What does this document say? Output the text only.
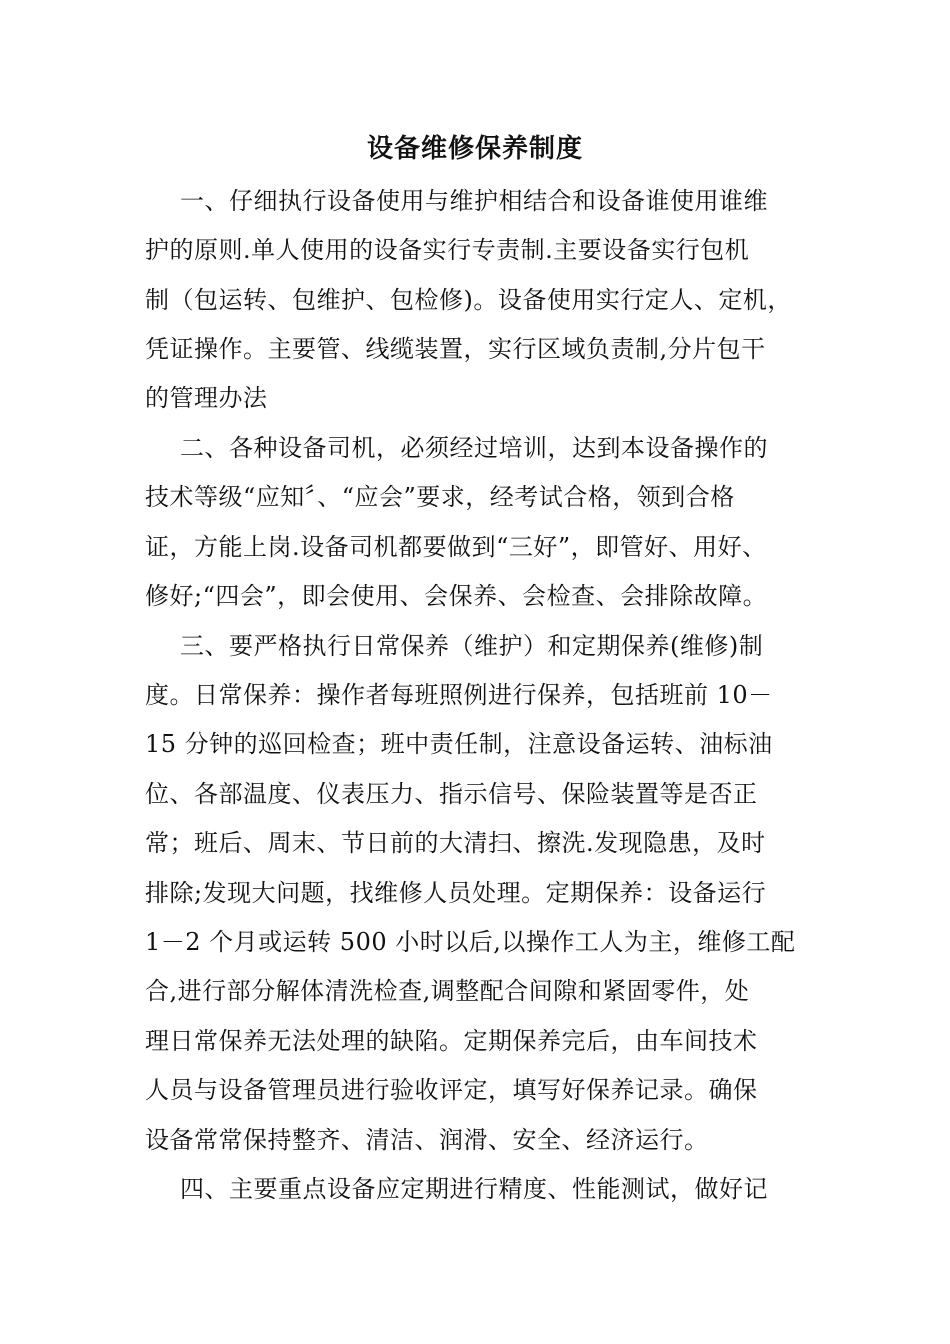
设备维修保养制度
一、仔细执行设备使用与维护相结合和设备谁使用谁维
护的原则.单人使用的设备实行专责制.主要设备实行包机
制（包运转、包维护、包检修)。设备使用实行定人、定机，
凭证操作。主要管、线缆装置，实行区域负责制,分片包干
的管理办法
二、各种设备司机，必须经过培训，达到本设备操作的
技术等级“应知〞、“应会”要求，经考试合格，领到合格
证，方能上岗.设备司机都要做到“三好”，即管好、用好、
修好;“四会”，即会使用、会保养、会检查、会排除故障。
三、要严格执行日常保养（维护）和定期保养(维修)制
度。日常保养：操作者每班照例进行保养，包括班前 10－
15 分钟的巡回检查；班中责任制，注意设备运转、油标油
位、各部温度、仪表压力、指示信号、保险装置等是否正
常；班后、周末、节日前的大清扫、擦洗.发现隐患，及时
排除;发现大问题，找维修人员处理。定期保养：设备运行
1－2 个月或运转 500 小时以后,以操作工人为主，维修工配
合,进行部分解体清洗检查,调整配合间隙和紧固零件，处
理日常保养无法处理的缺陷。定期保养完后，由车间技术
人员与设备管理员进行验收评定，填写好保养记录。确保
设备常常保持整齐、清洁、润滑、安全、经济运行。
四、主要重点设备应定期进行精度、性能测试，做好记
